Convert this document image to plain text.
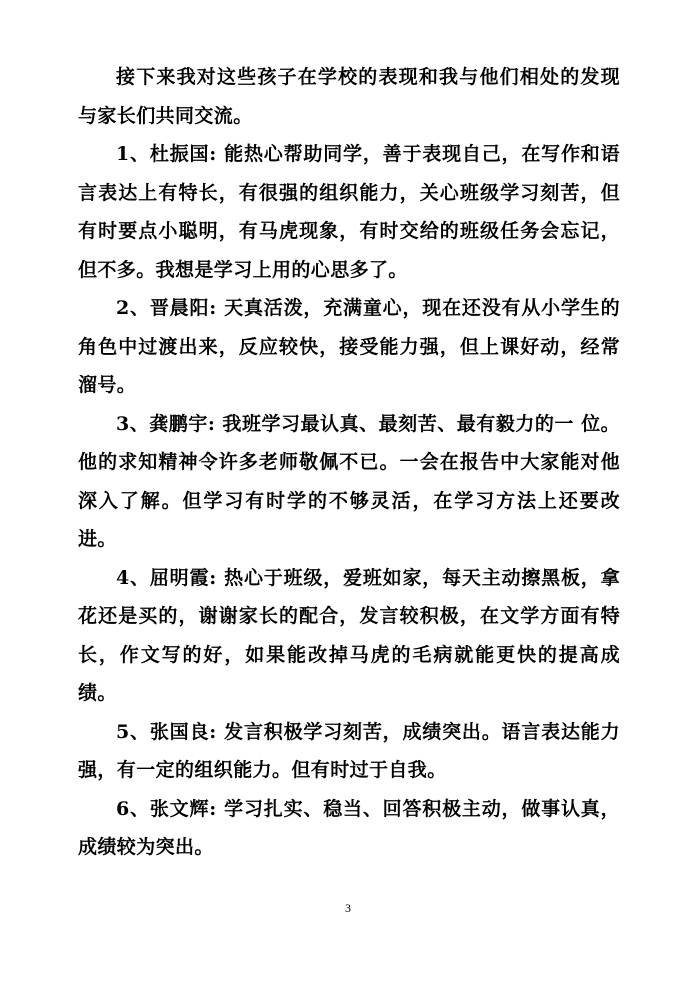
接下来我对这些孩子在学校的表现和我与他们相处的发现与家长们共同交流。

1、杜振国: 能热心帮助同学，善于表现自己，在写作和语言表达上有特长，有很强的组织能力，关心班级学习刻苦，但有时要点小聪明，有马虎现象，有时交给的班级任务会忘记，但不多。我想是学习上用的心思多了。

2、晋晨阳: 天真活泼，充满童心，现在还没有从小学生的角色中过渡出来，反应较快，接受能力强，但上课好动，经常溜号。

3、龚鹏宇: 我班学习最认真、最刻苦、最有毅力的一 位。他的求知精神令许多老师敬佩不已。一会在报告中大家能对他深入了解。但学习有时学的不够灵活，在学习方法上还要改进。

4、屈明霞: 热心于班级，爱班如家，每天主动擦黑板，拿花还是买的，谢谢家长的配合，发言较积极，在文学方面有特长，作文写的好，如果能改掉马虎的毛病就能更快的提高成绩。

5、张国良: 发言积极学习刻苦，成绩突出。语言表达能力强，有一定的组织能力。但有时过于自我。

6、张文辉: 学习扎实、稳当、回答积极主动，做事认真，成绩较为突出。

3
